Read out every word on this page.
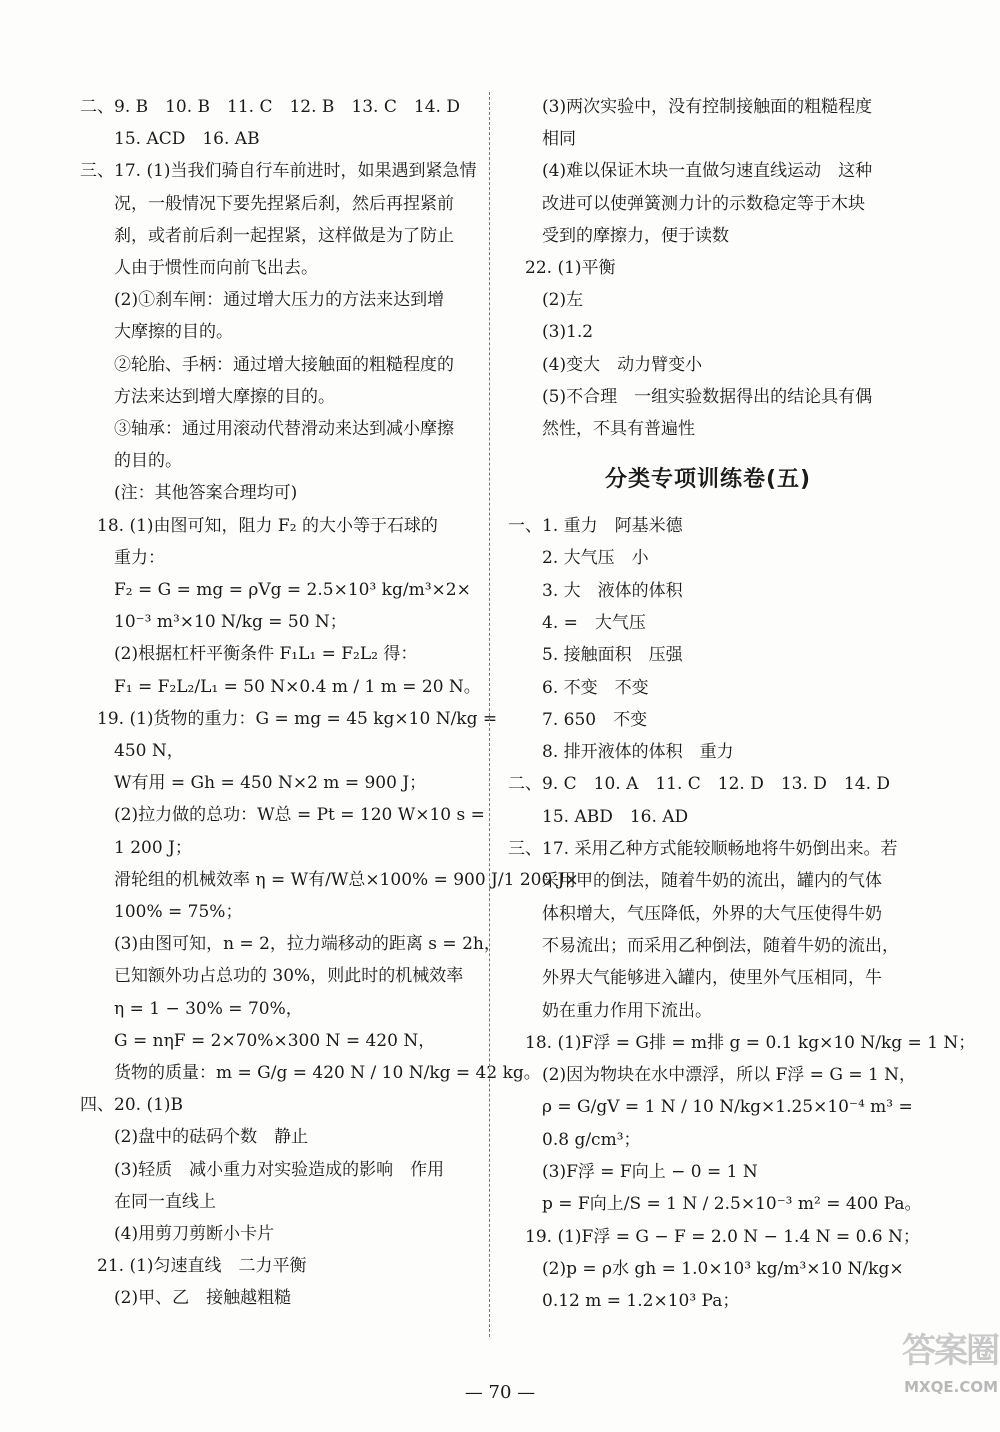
二、9. B　10. B　11. C　12. B　13. C　14. D
　　15. ACD　16. AB
三、17. (1)当我们骑自行车前进时，如果遇到紧急情
　　况，一般情况下要先捏紧后刹，然后再捏紧前
　　刹，或者前后刹一起捏紧，这样做是为了防止
　　人由于惯性而向前飞出去。
　　(2)①刹车闸：通过增大压力的方法来达到增
　　大摩擦的目的。
　　②轮胎、手柄：通过增大接触面的粗糙程度的
　　方法来达到增大摩擦的目的。
　　③轴承：通过用滚动代替滑动来达到减小摩擦
　　的目的。
　　(注：其他答案合理均可)
　18. (1)由图可知，阻力 F₂ 的大小等于石球的
　　重力：
　　F₂ = G = mg = ρVg = 2.5×10³ kg/m³×2×
　　10⁻³ m³×10 N/kg = 50 N；
　　(2)根据杠杆平衡条件 F₁L₁ = F₂L₂ 得：
　　F₁ = F₂L₂/L₁ = 50 N×0.4 m / 1 m = 20 N。
　19. (1)货物的重力：G = mg = 45 kg×10 N/kg =
　　450 N，
　　W有用 = Gh = 450 N×2 m = 900 J；
　　(2)拉力做的总功：W总 = Pt = 120 W×10 s =
　　1 200 J；
　　滑轮组的机械效率 η = W有/W总×100% = 900 J/1 200 J×
　　100% = 75%；
　　(3)由图可知，n = 2，拉力端移动的距离 s = 2h，
　　已知额外功占总功的 30%，则此时的机械效率
　　η = 1 − 30% = 70%，
　　G = nηF = 2×70%×300 N = 420 N，
　　货物的质量：m = G/g = 420 N / 10 N/kg = 42 kg。
四、20. (1)B
　　(2)盘中的砝码个数　静止
　　(3)轻质　减小重力对实验造成的影响　作用
　　在同一直线上
　　(4)用剪刀剪断小卡片
　21. (1)匀速直线　二力平衡
　　(2)甲、乙　接触越粗糙
　　(3)两次实验中，没有控制接触面的粗糙程度
　　相同
　　(4)难以保证木块一直做匀速直线运动　这种
　　改进可以使弹簧测力计的示数稳定等于木块
　　受到的摩擦力，便于读数
　22. (1)平衡
　　(2)左
　　(3)1.2
　　(4)变大　动力臂变小
　　(5)不合理　一组实验数据得出的结论具有偶
　　然性，不具有普遍性
分类专项训练卷(五)
一、1. 重力　阿基米德
　　2. 大气压　小
　　3. 大　液体的体积
　　4. =　大气压
　　5. 接触面积　压强
　　6. 不变　不变
　　7. 650　不变
　　8. 排开液体的体积　重力
二、9. C　10. A　11. C　12. D　13. D　14. D
　　15. ABD　16. AD
三、17. 采用乙种方式能较顺畅地将牛奶倒出来。若
　　采用甲的倒法，随着牛奶的流出，罐内的气体
　　体积增大，气压降低，外界的大气压使得牛奶
　　不易流出；而采用乙种倒法，随着牛奶的流出，
　　外界大气能够进入罐内，使里外气压相同，牛
　　奶在重力作用下流出。
　18. (1)F浮 = G排 = m排 g = 0.1 kg×10 N/kg = 1 N；
　　(2)因为物块在水中漂浮，所以 F浮 = G = 1 N，
　　ρ = G/gV = 1 N / 10 N/kg×1.25×10⁻⁴ m³ =
　　0.8 g/cm³；
　　(3)F浮 = F向上 − 0 = 1 N
　　p = F向上/S = 1 N / 2.5×10⁻³ m² = 400 Pa。
　19. (1)F浮 = G − F = 2.0 N − 1.4 N = 0.6 N；
　　(2)p = ρ水 gh = 1.0×10³ kg/m³×10 N/kg×
　　0.12 m = 1.2×10³ Pa；
— 70 —
答案圈
MXQE.COM
